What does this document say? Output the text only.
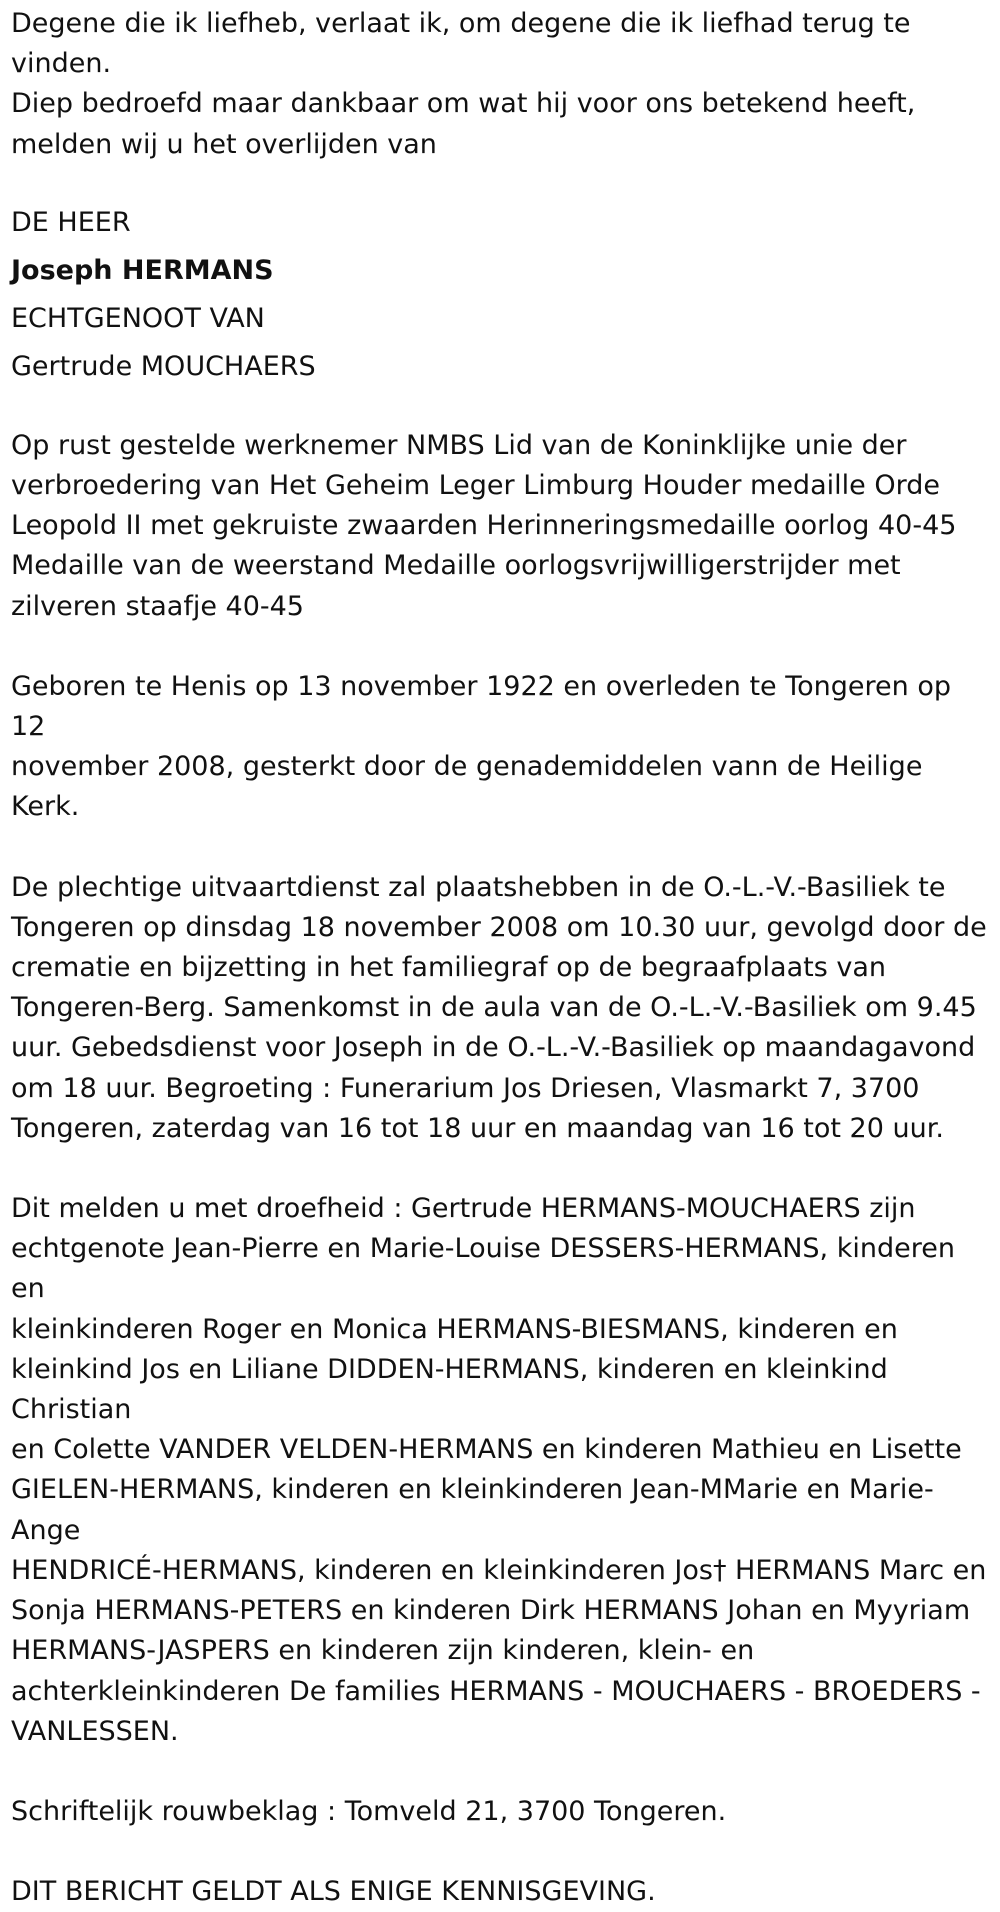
Degene die ik liefheb, verlaat ik, om degene die ik liefhad terug te vinden.

Diep bedroefd maar dankbaar om wat hij voor ons betekend heeft,

melden wij u het overlijden van

DE HEER

Joseph HERMANS

ECHTGENOOT VAN

Gertrude MOUCHAERS

Op rust gestelde werknemer NMBS Lid van de Koninklijke unie der

verbroedering van Het Geheim Leger Limburg Houder medaille Orde

Leopold II met gekruiste zwaarden Herinneringsmedaille oorlog 40-45

Medaille van de weerstand Medaille oorlogsvrijwilligerstrijder met

zilveren staafje 40-45

Geboren te Henis op 13 november 1922 en overleden te Tongeren op 12

november 2008, gesterkt door de genademiddelen vann de Heilige Kerk.

De plechtige uitvaartdienst zal plaatshebben in de O.-L.-V.-Basiliek te

Tongeren op dinsdag 18 november 2008 om 10.30 uur, gevolgd door de

crematie en bijzetting in het familiegraf op de begraafplaats van

Tongeren-Berg. Samenkomst in de aula van de O.-L.-V.-Basiliek om 9.45

uur. Gebedsdienst voor Joseph in de O.-L.-V.-Basiliek op maandagavond

om 18 uur. Begroeting : Funerarium Jos Driesen, Vlasmarkt 7, 3700

Tongeren, zaterdag van 16 tot 18 uur en maandag van 16 tot 20 uur.

Dit melden u met droefheid : Gertrude HERMANS-MOUCHAERS zijn

echtgenote Jean-Pierre en Marie-Louise DESSERS-HERMANS, kinderen en

kleinkinderen Roger en Monica HERMANS-BIESMANS, kinderen en

kleinkind Jos en Liliane DIDDEN-HERMANS, kinderen en kleinkind Christian

en Colette VANDER VELDEN-HERMANS en kinderen Mathieu en Lisette

GIELEN-HERMANS, kinderen en kleinkinderen Jean-MMarie en Marie-Ange

HENDRICÉ-HERMANS, kinderen en kleinkinderen Jos† HERMANS Marc en

Sonja HERMANS-PETERS en kinderen Dirk HERMANS Johan en Myyriam

HERMANS-JASPERS en kinderen zijn kinderen, klein- en

achterkleinkinderen De families HERMANS - MOUCHAERS - BROEDERS -

VANLESSEN.

Schriftelijk rouwbeklag : Tomveld 21, 3700 Tongeren.

DIT BERICHT GELDT ALS ENIGE KENNISGEVING.
